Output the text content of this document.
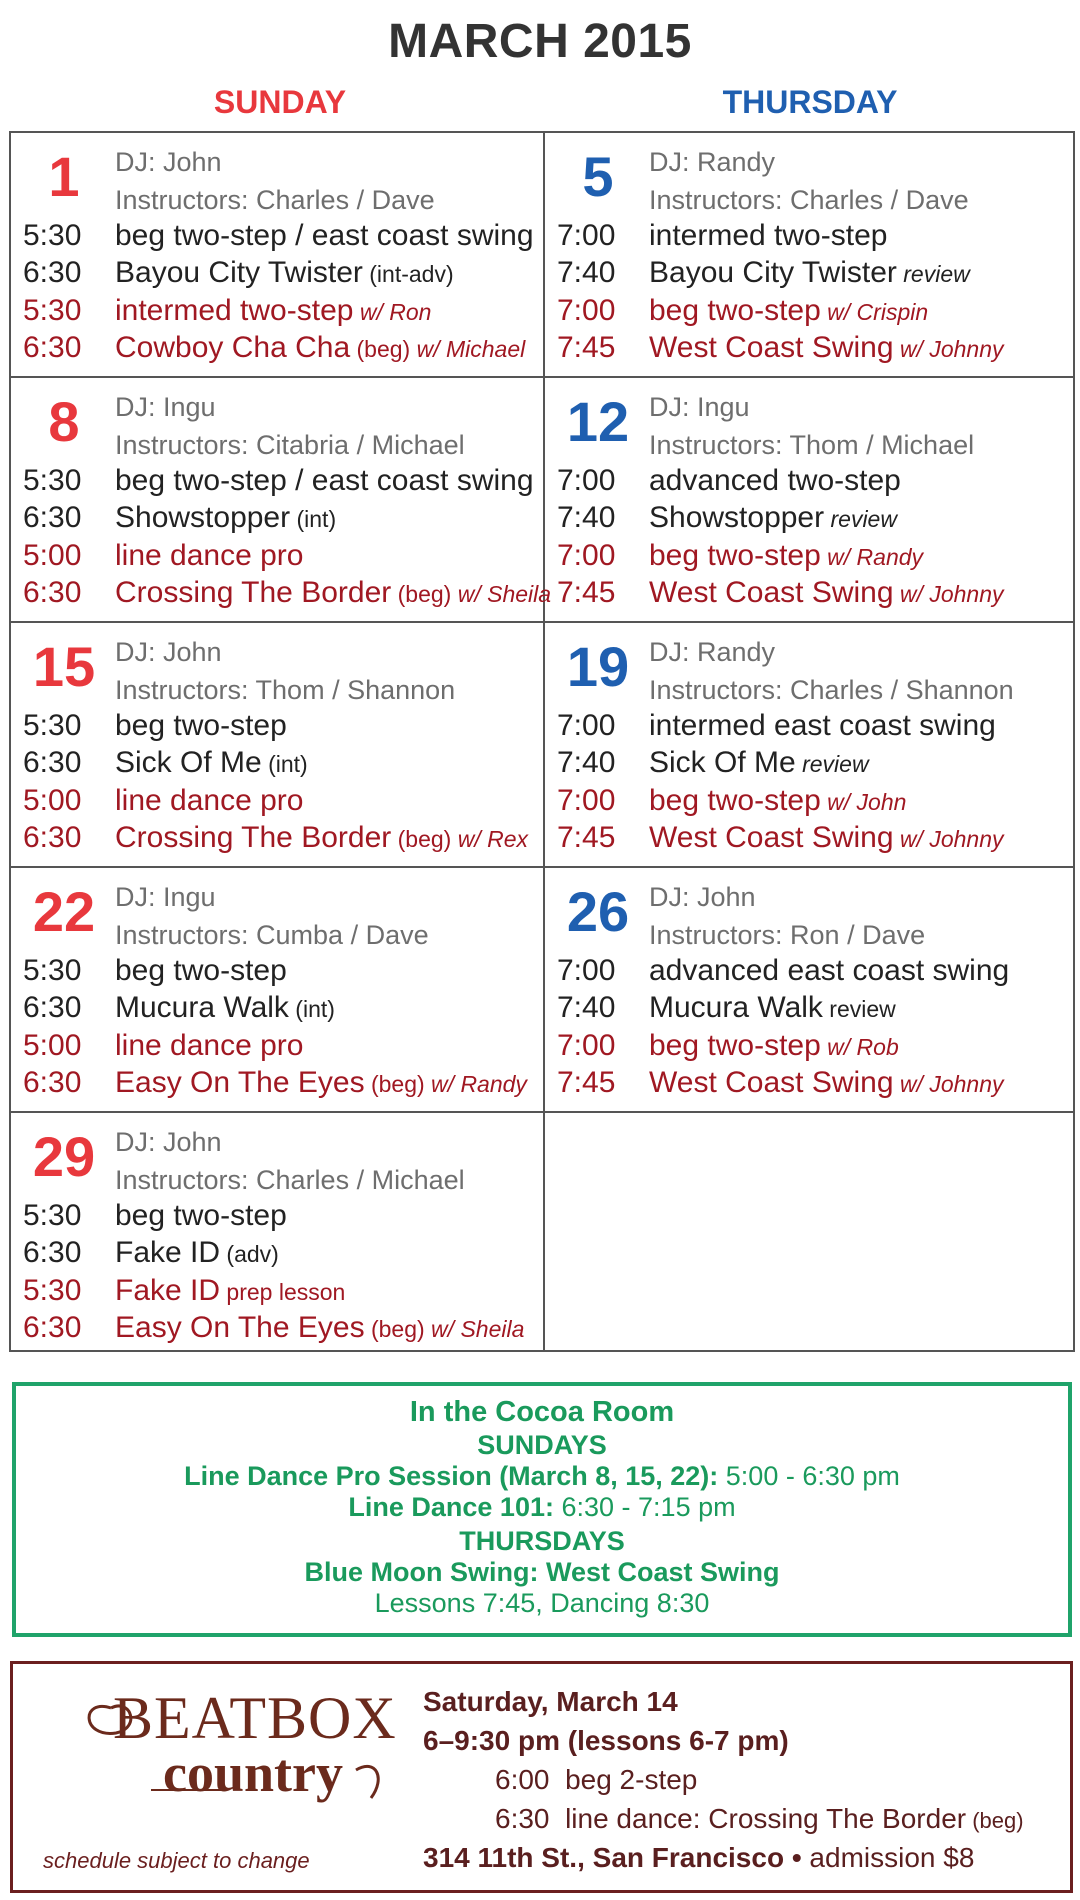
MARCH 2015
SUNDAY	THURSDAY
1	DJ: John
Instructors: Charles / Dave
5:30 beg two-step / east coast swing
6:30 Bayou City Twister (int-adv)
5:30 intermed two-step w/ Ron
6:30 Cowboy Cha Cha (beg) w/ Michael
5	DJ: Randy
Instructors: Charles / Dave
7:00 intermed two-step
7:40 Bayou City Twister review
7:00 beg two-step w/ Crispin
7:45 West Coast Swing w/ Johnny
8	DJ: Ingu
Instructors: Citabria / Michael
5:30 beg two-step / east coast swing
6:30 Showstopper (int)
5:00 line dance pro
6:30 Crossing The Border (beg) w/ Sheila
12 DJ: Ingu
Instructors: Thom / Michael
7:00 advanced two-step
7:40 Showstopper review
7:00 beg two-step w/ Randy
7:45 West Coast Swing w/ Johnny
15 DJ: John
Instructors: Thom / Shannon
5:30 beg two-step
6:30 Sick Of Me (int)
5:00 line dance pro
6:30 Crossing The Border (beg) w/ Rex
19 DJ: Randy
Instructors: Charles / Shannon
7:00 intermed east coast swing
7:40 Sick Of Me review
7:00 beg two-step w/ John
7:45 West Coast Swing w/ Johnny
22 DJ: Ingu
Instructors: Cumba / Dave
5:30 beg two-step
6:30 Mucura Walk (int)
5:00 line dance pro
6:30 Easy On The Eyes (beg) w/ Randy
26 DJ: John
Instructors: Ron / Dave
7:00 advanced east coast swing
7:40 Mucura Walk review
7:00 beg two-step w/ Rob
7:45 West Coast Swing w/ Johnny
29 DJ: John
Instructors: Charles / Michael
5:30 beg two-step
6:30 Fake ID (adv)
5:30 Fake ID prep lesson
6:30 Easy On The Eyes (beg) w/ Sheila
In the Cocoa Room
SUNDAYS
Line Dance Pro Session (March 8, 15, 22): 5:00 - 6:30 pm
Line Dance 101: 6:30 - 7:15 pm
THURSDAYS
Blue Moon Swing: West Coast Swing
Lessons 7:45, Dancing 8:30
BEATBOX
country
schedule subject to change
Saturday, March 14
6–9:30 pm (lessons 6-7 pm)
6:00 beg 2-step
6:30 line dance: Crossing The Border (beg)
314 11th St., San Francisco • admission $8
